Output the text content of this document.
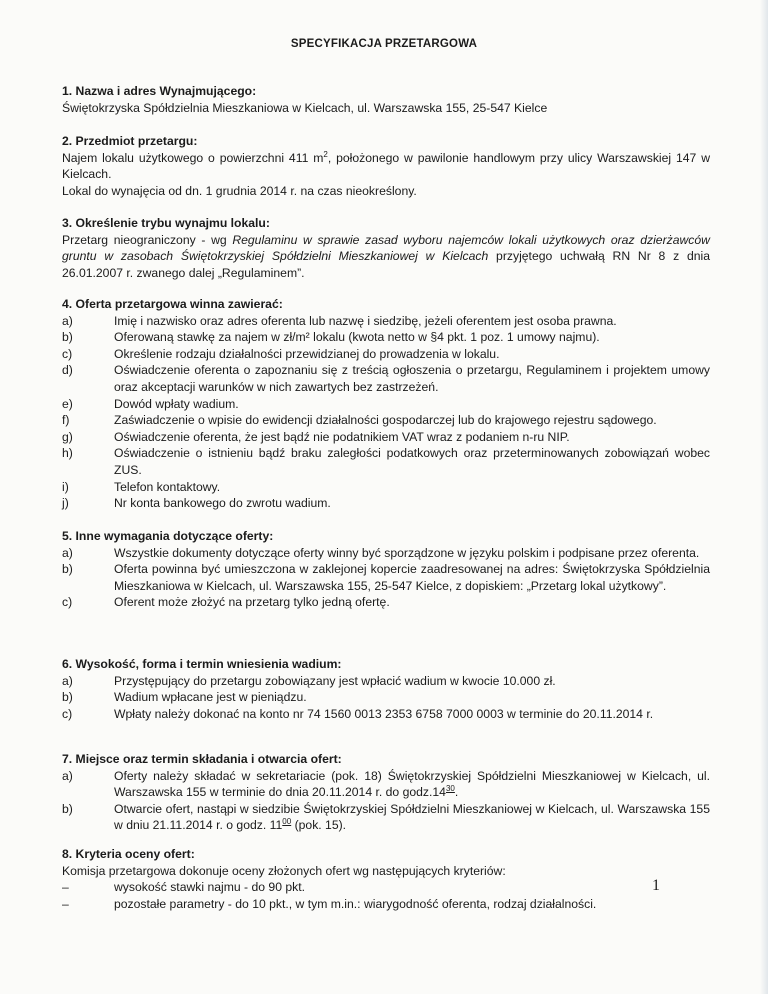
SPECYFIKACJA PRZETARGOWA
1. Nazwa i adres Wynajmującego:
Świętokrzyska Spółdzielnia Mieszkaniowa w Kielcach, ul. Warszawska 155, 25-547 Kielce
2. Przedmiot przetargu:
Najem lokalu użytkowego o powierzchni 411 $m^2$, położonego w pawilonie handlowym przy ulicy Warszawskiej 147 w Kielcach.
Lokal do wynajęcia od dn. 1 grudnia 2014 r. na czas nieokreślony.
3. Określenie trybu wynajmu lokalu:
Przetarg nieograniczony - wg Regulaminu w sprawie zasad wyboru najemców lokali użytkowych oraz dzierżawców gruntu w zasobach Świętokrzyskiej Spółdzielni Mieszkaniowej w Kielcach przyjętego uchwałą RN Nr 8 z dnia 26.01.2007 r. zwanego dalej „Regulaminem”.
4. Oferta przetargowa winna zawierać:
a)	Imię i nazwisko oraz adres oferenta lub nazwę i siedzibę, jeżeli oferentem jest osoba prawna.
b)	Oferowaną stawkę za najem w zł/m² lokalu (kwota netto w §4 pkt. 1 poz. 1 umowy najmu).
c)	Określenie rodzaju działalności przewidzianej do prowadzenia w lokalu.
d)	Oświadczenie oferenta o zapoznaniu się z treścią ogłoszenia o przetargu, Regulaminem i projektem umowy oraz akceptacji warunków w nich zawartych bez zastrzeżeń.
e)	Dowód wpłaty wadium.
f)	Zaświadczenie o wpisie do ewidencji działalności gospodarczej lub do krajowego rejestru sądowego.
g)	Oświadczenie oferenta, że jest bądź nie podatnikiem VAT wraz z podaniem n-ru NIP.
h)	Oświadczenie o istnieniu bądź braku zaległości podatkowych oraz przeterminowanych zobowiązań wobec ZUS.
i)	Telefon kontaktowy.
j)	Nr konta bankowego do zwrotu wadium.
5. Inne wymagania dotyczące oferty:
a)	Wszystkie dokumenty dotyczące oferty winny być sporządzone w języku polskim i podpisane przez oferenta.
b)	Oferta powinna być umieszczona w zaklejonej kopercie zaadresowanej na adres: Świętokrzyska Spółdzielnia Mieszkaniowa w Kielcach, ul. Warszawska 155, 25-547 Kielce, z dopiskiem: „Przetarg lokal użytkowy”.
c)	Oferent może złożyć na przetarg tylko jedną ofertę.
6. Wysokość, forma i termin wniesienia wadium:
a)	Przystępujący do przetargu zobowiązany jest wpłacić wadium w kwocie 10.000 zł.
b)	Wadium wpłacane jest w pieniądzu.
c)	Wpłaty należy dokonać na konto nr 74 1560 0013 2353 6758 7000 0003 w terminie do 20.11.2014 r.
7. Miejsce oraz termin składania i otwarcia ofert:
a)	Oferty należy składać w sekretariacie (pok. 18) Świętokrzyskiej Spółdzielni Mieszkaniowej w Kielcach, ul. Warszawska 155 w terminie do dnia 20.11.2014 r. do $godz.14^{30}$.
b)	Otwarcie ofert, nastąpi w siedzibie Świętokrzyskiej Spółdzielni Mieszkaniowej w Kielcach, ul. Warszawska 155 w dniu 21.11.2014 r. o godz. $11^{00}$ (pok. 15).
8. Kryteria oceny ofert:
Komisja przetargowa dokonuje oceny złożonych ofert wg następujących kryteriów:
–	wysokość stawki najmu - do 90 pkt.
–	pozostałe parametry - do 10 pkt., w tym m.in.: wiarygodność oferenta, rodzaj działalności.
1
